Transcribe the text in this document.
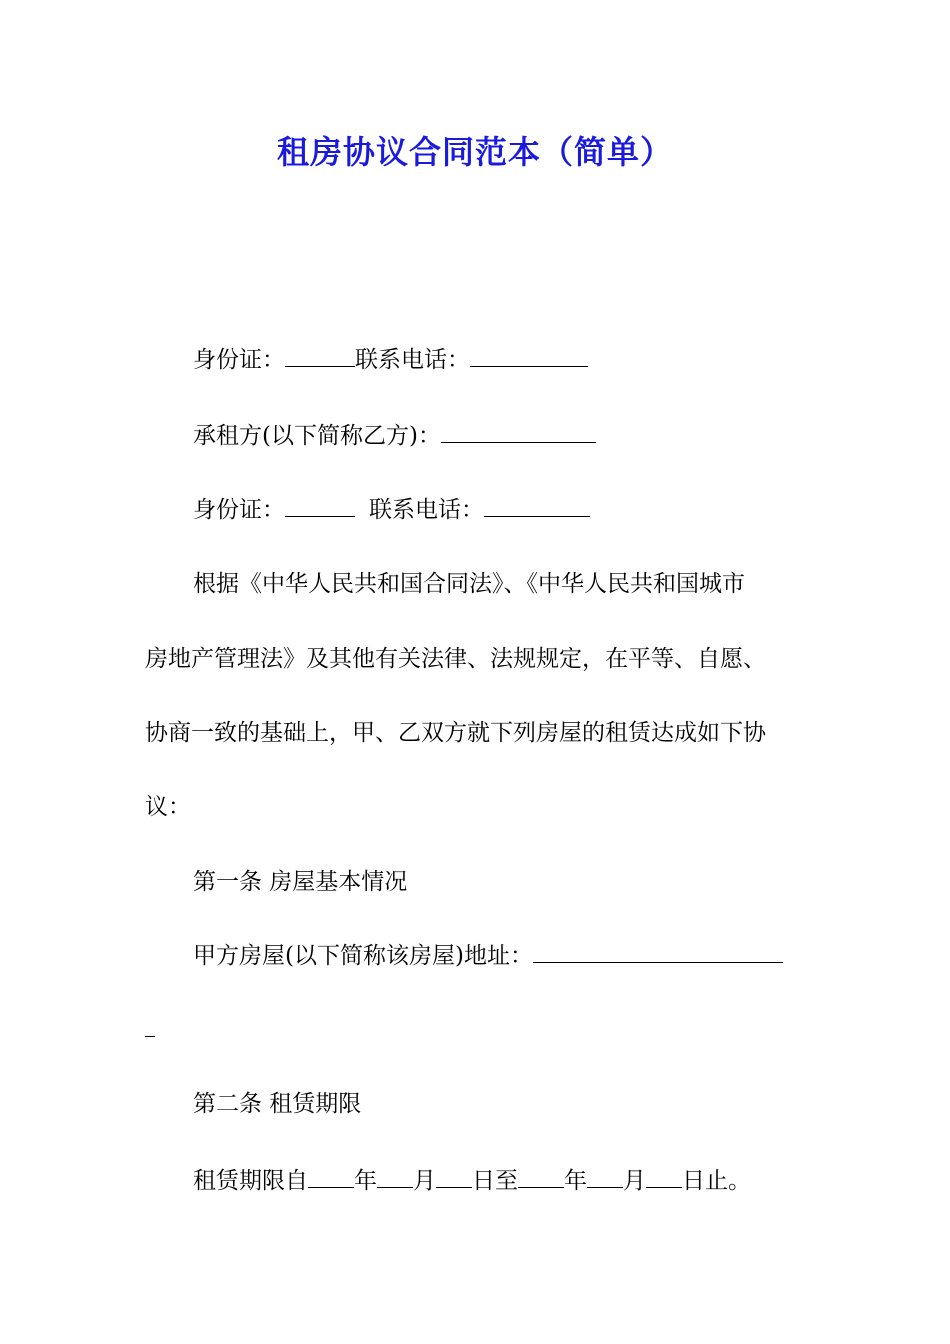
租房协议合同范本（简单）
身份证：	联系电话：
承租方(以下简称乙方)：
身份证：	联系电话：
根据《中华人民共和国合同法》、《中华人民共和国城市
房地产管理法》及其他有关法律、法规规定，在平等、自愿、
协商一致的基础上，甲、乙双方就下列房屋的租赁达成如下协
议：
第一条 房屋基本情况
甲方房屋(以下简称该房屋)地址：
第二条 租赁期限
租赁期限自 年 月 日至 年 月 日止。
